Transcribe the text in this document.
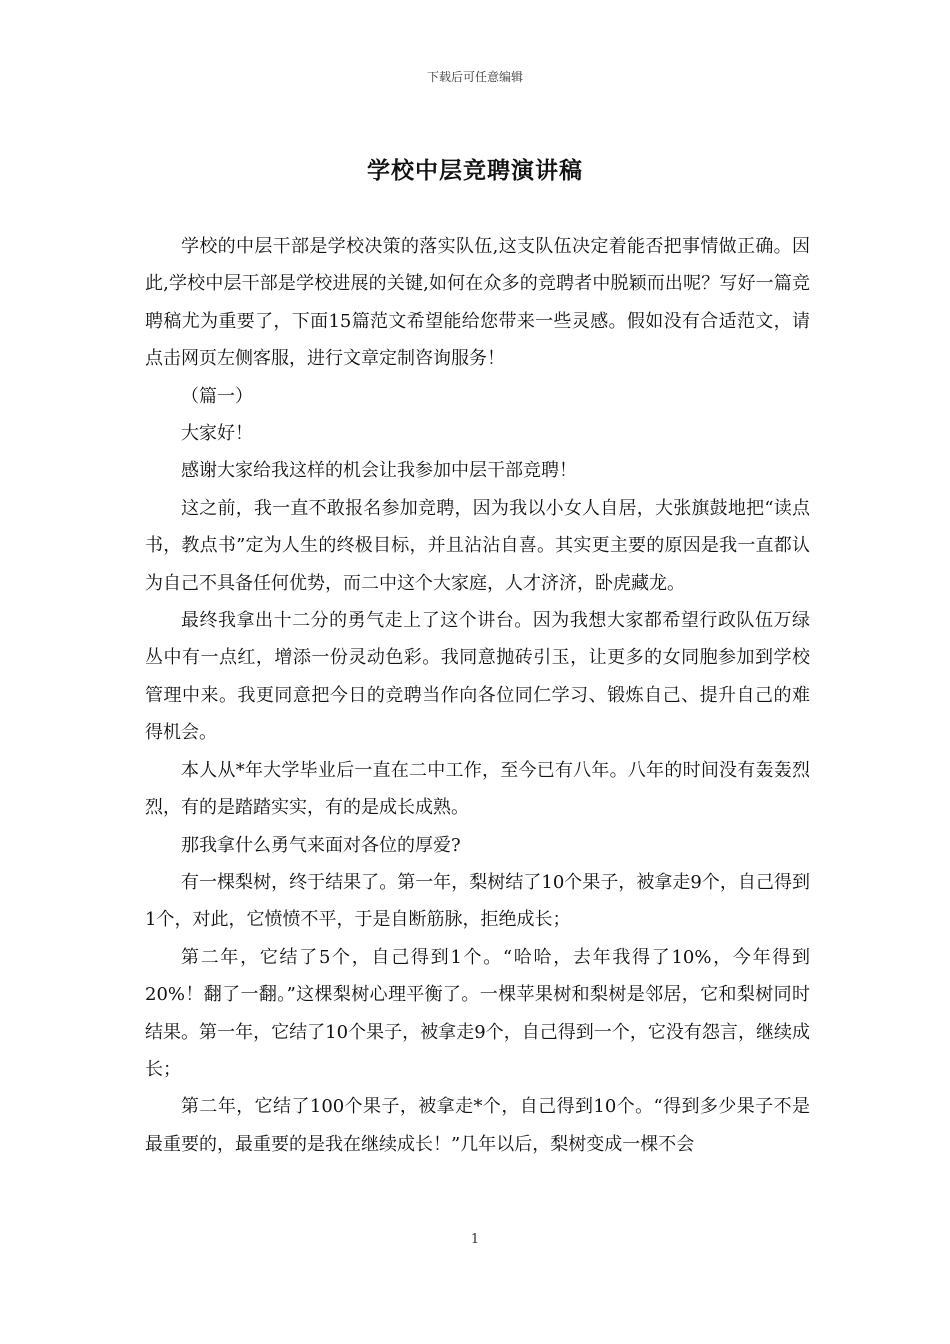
下载后可任意编辑
学校中层竞聘演讲稿

学校的中层干部是学校决策的落实队伍,这支队伍决定着能否把事情做正确。因此,学校中层干部是学校进展的关键,如何在众多的竞聘者中脱颖而出呢？写好一篇竞聘稿尤为重要了，下面15篇范文希望能给您带来一些灵感。假如没有合适范文，请点击网页左侧客服，进行文章定制咨询服务！

（篇一）

大家好！

感谢大家给我这样的机会让我参加中层干部竞聘！

这之前，我一直不敢报名参加竞聘，因为我以小女人自居，大张旗鼓地把“读点书，教点书”定为人生的终极目标，并且沾沾自喜。其实更主要的原因是我一直都认为自己不具备任何优势，而二中这个大家庭，人才济济，卧虎藏龙。

最终我拿出十二分的勇气走上了这个讲台。因为我想大家都希望行政队伍万绿丛中有一点红，增添一份灵动色彩。我同意抛砖引玉，让更多的女同胞参加到学校管理中来。我更同意把今日的竞聘当作向各位同仁学习、锻炼自己、提升自己的难得机会。

本人从*年大学毕业后一直在二中工作，至今已有八年。八年的时间没有轰轰烈烈，有的是踏踏实实，有的是成长成熟。

那我拿什么勇气来面对各位的厚爱?

有一棵梨树，终于结果了。第一年，梨树结了10个果子，被拿走9个，自己得到1个，对此，它愤愤不平，于是自断筋脉，拒绝成长；

第二年，它结了5个，自己得到1个。“哈哈，去年我得了10%，今年得到20%！翻了一翻。”这棵梨树心理平衡了。一棵苹果树和梨树是邻居，它和梨树同时结果。第一年，它结了10个果子，被拿走9个，自己得到一个，它没有怨言，继续成长；

第二年，它结了100个果子，被拿走*个，自己得到10个。“得到多少果子不是最重要的，最重要的是我在继续成长！”几年以后，梨树变成一棵不会

1
